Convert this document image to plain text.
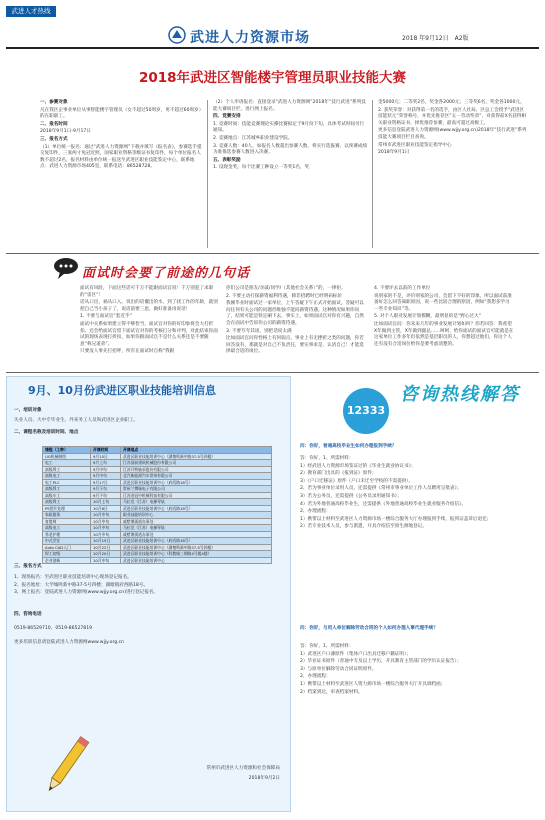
武进人才热线
武进人力资源市场	2018 年9月12日　A2版
2018年武进区智能楼宇管理员职业技能大赛
一、参赛对象
凡在我区企事业单位从事智能楼宇管理员（女不超过50周岁，男不超过60周岁）的在职职工。
二、报名时间
2018年9月1日-9月17日
三、报名方式
（1）单位统一报名：通过“武进人力资源网”下载并填写《报名表》，参赛选手提交复印件，三张两寸免冠近照，国家职业资格等级证书复印件，每个单位报名人数不超过2名，报名材料由单位统一报送至武进区职业技能鉴定中心，联系地点：武进人力资源市场405室，联系电话：86528728。
（2）个人申请报名：直接登录“武进人力资源网”2018年“技行武进”系列技能大赛项目栏，进行网上报名。
四、竞赛安排
1. 竞赛时间：技能竞赛理论实操比赛拟定于9月份下旬，具体考试时间另行通知。
2. 竞赛地点：江苏城乡职业建设学院。
3. 竞赛人数：40人，如报名人数超出参赛人数，将实行选拔赛，以预赛成绩为准推选参赛人数进入决赛。
五、表彰奖励
1. 设现金奖。每个比赛工种设立一等奖1名，奖
金5000元；二等奖2名，奖金各2000元；三等奖6名，奖金各1000元。
2. 获奖荣誉：对获得第一名的选手，由区人社局、区总工会授予“武进区技能状元”荣誉称号，并优先推荐区“五一劳动奖章”，对获得前X名获得相关职业资格证书，择优推荐参赛，最高可超过高级工。
更多信息登陆武进人力资源网(www.wjjy.org.cn)2018年“技行武进”系列技能大赛项目栏目查询。
常州市武进区职业技能鉴定指导中心
2018年9月1日
面试时会要了前途的几句话
面试有风险，下面这些话可千万不能跟面试官说！千万别犯了求职的“雷区”！
话从口出，祸从口入，说出的话覆出的水，到了找工作的年龄，就别把自己当小孩子了，说话前要三思，做好准备再说话！
1. 不要与面试官“套近乎”
面试中关系如果建立得不够恰当，面试官对你的好印象将会大打折扣。还会给面试官留下面试官对你的考核打分和评判，对此结束你面试的现场表现打折扣，如果你跟面试官不是什么关系还是不要随意“称兄道弟”。
只要没人事先打招呼，所有在面试时自称“我跟
你们公司是朋友/亲戚/同学/（其他社会关系）”的，一律拒。
2. 不要主动打探薪资福利待遇，除非招聘时已经明码标价
我刚毕业时面试过一家单位，上午答疑下午正式开始面试，答疑可以问任何有关公司的问题但唯独不能问薪资待遇。这种情况如果你问了，结果可能是铁定刷下去，事实上，如果面试官对你有兴趣，自然会在面试中告诉你公司的薪资待遇。
3. 不要夸夸其谈，别把话说太满
比如面试官问你性格上有何弱点，事业上有无挫折之类的问题，你若回答没有，那就是对自己不负责任，要实事求是，认清自己！才能选择最合适的岗位。
4. 不要评去以前的工作单位
说别家的不是，评价别家的公司，会留下不好的印象。所以面试前准备好怎么回答离职原因，说一些比较合理的原因，例如“我想多学习一些专业知识”等。
5. 对个人职业发展计划模糊，最明显的是“野心过大”
比如面试官问：你未来几年的事业发展计划如何？你若回答：我希望X年做到主管，X年做到副总……呵呵，给你面试的面试官可能就是在这家单位工作多年但依然是基层职员的人，你想超过他们，你这个人还有没有合适岗位给你是要考虑清楚的。
9月、10月份武进区职业技能培训信息
一、培训对象
失业人员、大中专毕业生、外来务工人员和武进区企业职工。
二、课程名称及培训时间、地点
课程（工种）	开课时间	开课地点
UG机械制图	9月10日	武进区职业技能培训中心（湖塘鸣新中路37-5号四楼）
电工	9月上旬	江苏国前建筑机械股份有限公司
高级焊工	9月中旬	江苏开特轴承股份有限公司
高级电工	9月中旬	北汽新能源汽车常州有限公司
电工PLC	9月17日	武进区职业技能培训中心（府西路18号）
高级焊工	9月下旬	常州兰博瑞电子有限公司
高级车工	9月下旬	江苏金冠中机械科技有限公司
高级焊工	10月上旬	马拉克（江苏）电梯导轨
PS图片处理	10月8日	武进区职业技能培训中心（府西路18号）
家政服务	10月中旬	职业技能培训中心
育婴师	10月中旬	戚墅堰街道办事处
高级电工	10月中旬	马拉克（江苏）电梯导轨
养老护理	10月中旬	戚墅堰街道办事处
中式烹饪	10月15日	武进区职业技能培训中心（府西路18号）
Auto CAD入门	10月22日	武进区职业技能培训中心（湖塘鸣新中路37-5号四楼）
焊工初级	10月20日	武进区职业技能培训中心（科教城三期路4号楼4楼）
企业创新	10月中旬	武进区职业技能培训中心
三、报名方式
1、现场报名：至武进区职业技能培训中心现场登记报名。
2、报名地址：大学城鸣新中路37-5号四楼；湖塘镇府西路18号。
3、网上报名：登陆武进人力资源网(www.wjjy.org.cn)进行登记报名。
四、咨询电话
0519-86529710、0519-86527819
更多培训信息请登陆武进人力资源网www.wjjy.org.cn
常州市武进区人力资源和社会保障局
2018年9月2日
12333
咨询热线解答
问：你好，普通高校毕业生如何办理报到手续？
答：你好，1、所需材料：
1）经武进人力资源市场鉴证过的《毕业生就业协议书》；
2）教育部门出具的《报到证》原件；
3）《户口迁移证》原件（户口未迁至学校的不需提供）。
2、若为事业单位录用人员，还需提供《常州市事业单位工作人员聘用呈批表》；
3）若为公务员，还需提供《公务员录用通知书》；
4）若为外地普通高校毕业生，还需提供《外地普通高校毕业生就业服务介绍信》。
2、办理流程：
1）携带以上材料至武进区人力资源市场一楼综合服务大厅办理报到手续，报到证盖章后退还；
2）若专业技术人员，参与派遣，开具介绍信至原生源地登记。
问：你好，与用人单位解除劳动合同的个人如何办理人事代理手续？
答：你好，1、所需材料：
1）武进区户口薄原件（集体户口出具迁移户籍证明）；
2）毕业证书原件（普通中专及以上学历，开具教育主管部门的学历认证报告）；
3）与原单位解除劳动合同证明原件。
2、办理流程：
1）携带以上材料至武进区人资力源市场一楼综合服务大厅开具调档函；
2）档案到达，审查档案材料。
